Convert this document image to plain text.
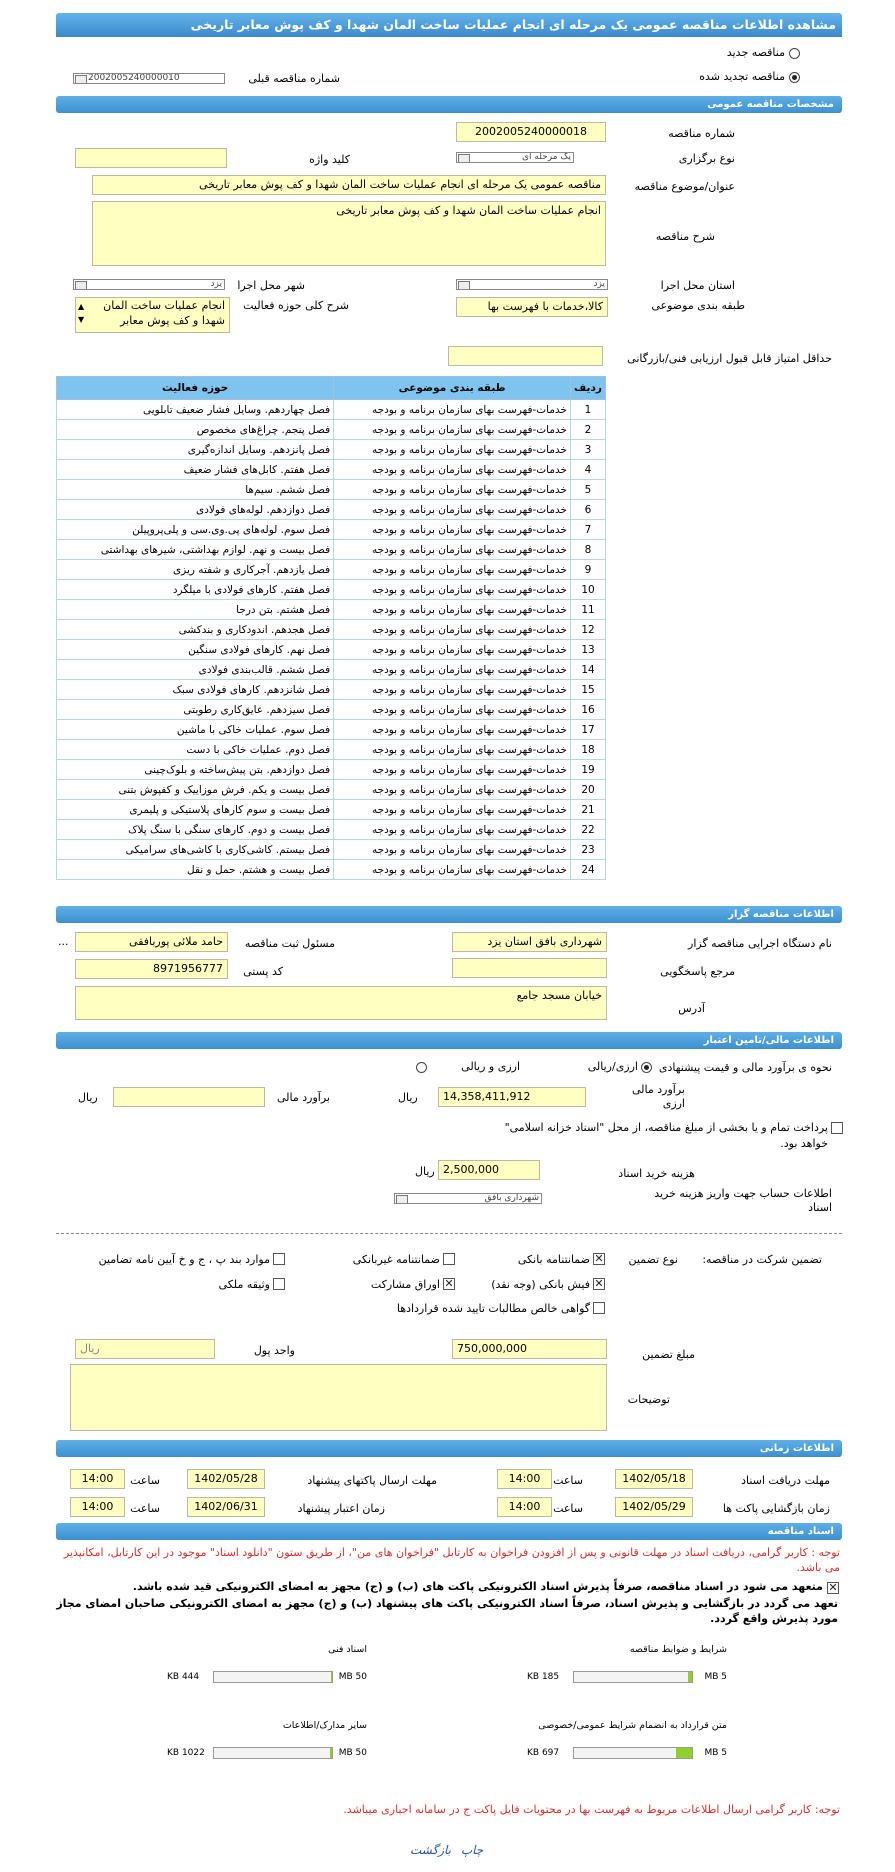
مشاهده اطلاعات مناقصه عمومی یک مرحله ای انجام عملیات ساخت المان شهدا و کف پوش معابر تاریخی
مناقصه جدید
مناقصه تجدید شده
شماره مناقصه قبلی
2002005240000010
مشخصات مناقصه عمومی
شماره مناقصه
2002005240000018
نوع برگزاری
یک مرحله ای
کلید واژه
عنوان/موضوع مناقصه
مناقصه عمومی یک مرحله ای انجام عملیات ساخت المان شهدا و کف پوش معابر تاریخی
شرح مناقصه
انجام عملیات ساخت المان شهدا و کف پوش معابر تاریخی
استان محل اجرا
یزد
شهر محل اجرا
یزد
طبقه بندی موضوعی
کالا،خدمات با فهرست بها
شرح کلی حوزه فعالیت
انجام عملیات ساخت المان شهدا و کف پوش معابر
▲
▼
حداقل امتیاز قابل قبول ارزیابی فنی/بازرگانی
ردیف	طبقه بندی موضوعی	حوزه فعالیت
1	خدمات-فهرست بهای سازمان برنامه و بودجه	فصل چهاردهم. وسایل فشار ضعیف تابلویی
2	خدمات-فهرست بهای سازمان برنامه و بودجه	فصل پنجم. چراغ‌های مخصوص
3	خدمات-فهرست بهای سازمان برنامه و بودجه	فصل پانزدهم. وسایل اندازه‌گیری
4	خدمات-فهرست بهای سازمان برنامه و بودجه	فصل هفتم. کابل‌های فشار ضعیف
5	خدمات-فهرست بهای سازمان برنامه و بودجه	فصل ششم. سیم‌ها
6	خدمات-فهرست بهای سازمان برنامه و بودجه	فصل دوازدهم. لوله‌های فولادی
7	خدمات-فهرست بهای سازمان برنامه و بودجه	فصل سوم. لوله‌های پی.وی.سی و پلی‌پروپیلن
8	خدمات-فهرست بهای سازمان برنامه و بودجه	فصل بیست و نهم. لوازم بهداشتی، شیرهای بهداشتی
9	خدمات-فهرست بهای سازمان برنامه و بودجه	فصل یازدهم. آجرکاری و شفته ریزی
10	خدمات-فهرست بهای سازمان برنامه و بودجه	فصل هفتم. کارهای فولادی با میلگرد
11	خدمات-فهرست بهای سازمان برنامه و بودجه	فصل هشتم. بتن درجا
12	خدمات-فهرست بهای سازمان برنامه و بودجه	فصل هجدهم. اندودکاری و بندکشی
13	خدمات-فهرست بهای سازمان برنامه و بودجه	فصل نهم. کارهای فولادی سنگین
14	خدمات-فهرست بهای سازمان برنامه و بودجه	فصل ششم. قالب‌بندی فولادی
15	خدمات-فهرست بهای سازمان برنامه و بودجه	فصل شانزدهم. کارهای فولادی سبک
16	خدمات-فهرست بهای سازمان برنامه و بودجه	فصل سیزدهم. عایق‌کاری رطوبتی
17	خدمات-فهرست بهای سازمان برنامه و بودجه	فصل سوم. عملیات خاکی با ماشین
18	خدمات-فهرست بهای سازمان برنامه و بودجه	فصل دوم. عملیات خاکی با دست
19	خدمات-فهرست بهای سازمان برنامه و بودجه	فصل دوازدهم. بتن پیش‌ساخته و بلوک‌چینی
20	خدمات-فهرست بهای سازمان برنامه و بودجه	فصل بیست و یکم. فرش موزاییک و کفپوش بتنی
21	خدمات-فهرست بهای سازمان برنامه و بودجه	فصل بیست و سوم کارهای پلاستیکی و پلیمری
22	خدمات-فهرست بهای سازمان برنامه و بودجه	فصل بیست و دوم. کارهای سنگی با سنگ پلاک
23	خدمات-فهرست بهای سازمان برنامه و بودجه	فصل بیستم. کاشی‌کاری با کاشی‌های سرامیکی
24	خدمات-فهرست بهای سازمان برنامه و بودجه	فصل بیست و هشتم. حمل و نقل
اطلاعات مناقصه گزار
نام دستگاه اجرایی مناقصه گزار
شهرداری بافق استان یزد
مسئول ثبت مناقصه
حامد ملائی پوربافقی
...
مرجع پاسخگویی
کد پستی
8971956777
آدرس
خیابان مسجد جامع
اطلاعات مالی/تامین اعتبار
نحوه ی برآورد مالی و قیمت پیشنهادی
ارزی/ریالی
ارزی و ریالی
برآورد مالی ارزی
14,358,411,912
ریال
برآورد مالی
ریال
پرداخت تمام و یا بخشی از مبلغ مناقصه، از محل "اسناد خزانه اسلامی" خواهد بود.
هزینه خرید اسناد
2,500,000
ریال
اطلاعات حساب جهت واریز هزینه خرید اسناد
شهرداری بافق
تضمین شرکت در مناقصه:
نوع تضمین
✕
ضمانتنامه بانکی
ضمانتنامه غیربانکی
موارد بند پ ، ج و خ آیین نامه تضامین
✕
فیش بانکی (وجه نقد)
✕
اوراق مشارکت
وثیقه ملکی
گواهی خالص مطالبات تایید شده قراردادها
مبلغ تضمین
750,000,000
واحد پول
ریال
توضیحات
اطلاعات زمانی
مهلت دریافت اسناد
1402/05/18
ساعت
14:00
مهلت ارسال پاکتهای پیشنهاد
1402/05/28
ساعت
14:00
زمان بازگشایی پاکت ها
1402/05/29
ساعت
14:00
زمان اعتبار پیشنهاد
1402/06/31
ساعت
14:00
اسناد مناقصه
توجه : کاربر گرامی، دریافت اسناد در مهلت قانونی و پس از افزودن فراخوان به کارتابل "فراخوان های من"، از طریق ستون "دانلود اسناد" موجود در این کارتابل، امکانپذیر می باشد.
✕
متعهد می شود در اسناد مناقصه، صرفاً پذیرش اسناد الکترونیکی پاکت های (ب) و (ج) مجهز به امضای الکترونیکی قید شده باشد.
تعهد می گردد در بازگشایی و پذیرش اسناد، صرفاً اسناد الکترونیکی پاکت های پیشنهاد (ب) و (ج) مجهز به امضای الکترونیکی صاحبان امضای مجاز مورد پذیرش واقع گردد.
شرایط و ضوابط مناقصه
5 MB
185 KB
اسناد فنی
50 MB
444 KB
متن قرارداد به انضمام شرایط عمومی/خصوصی
5 MB
697 KB
سایر مدارک/اطلاعات
50 MB
1022 KB
توجه: کاربر گرامی ارسال اطلاعات مربوط به فهرست بها در محتویات فایل پاکت ج در سامانه اجباری میباشد.
چاپ بازگشت
